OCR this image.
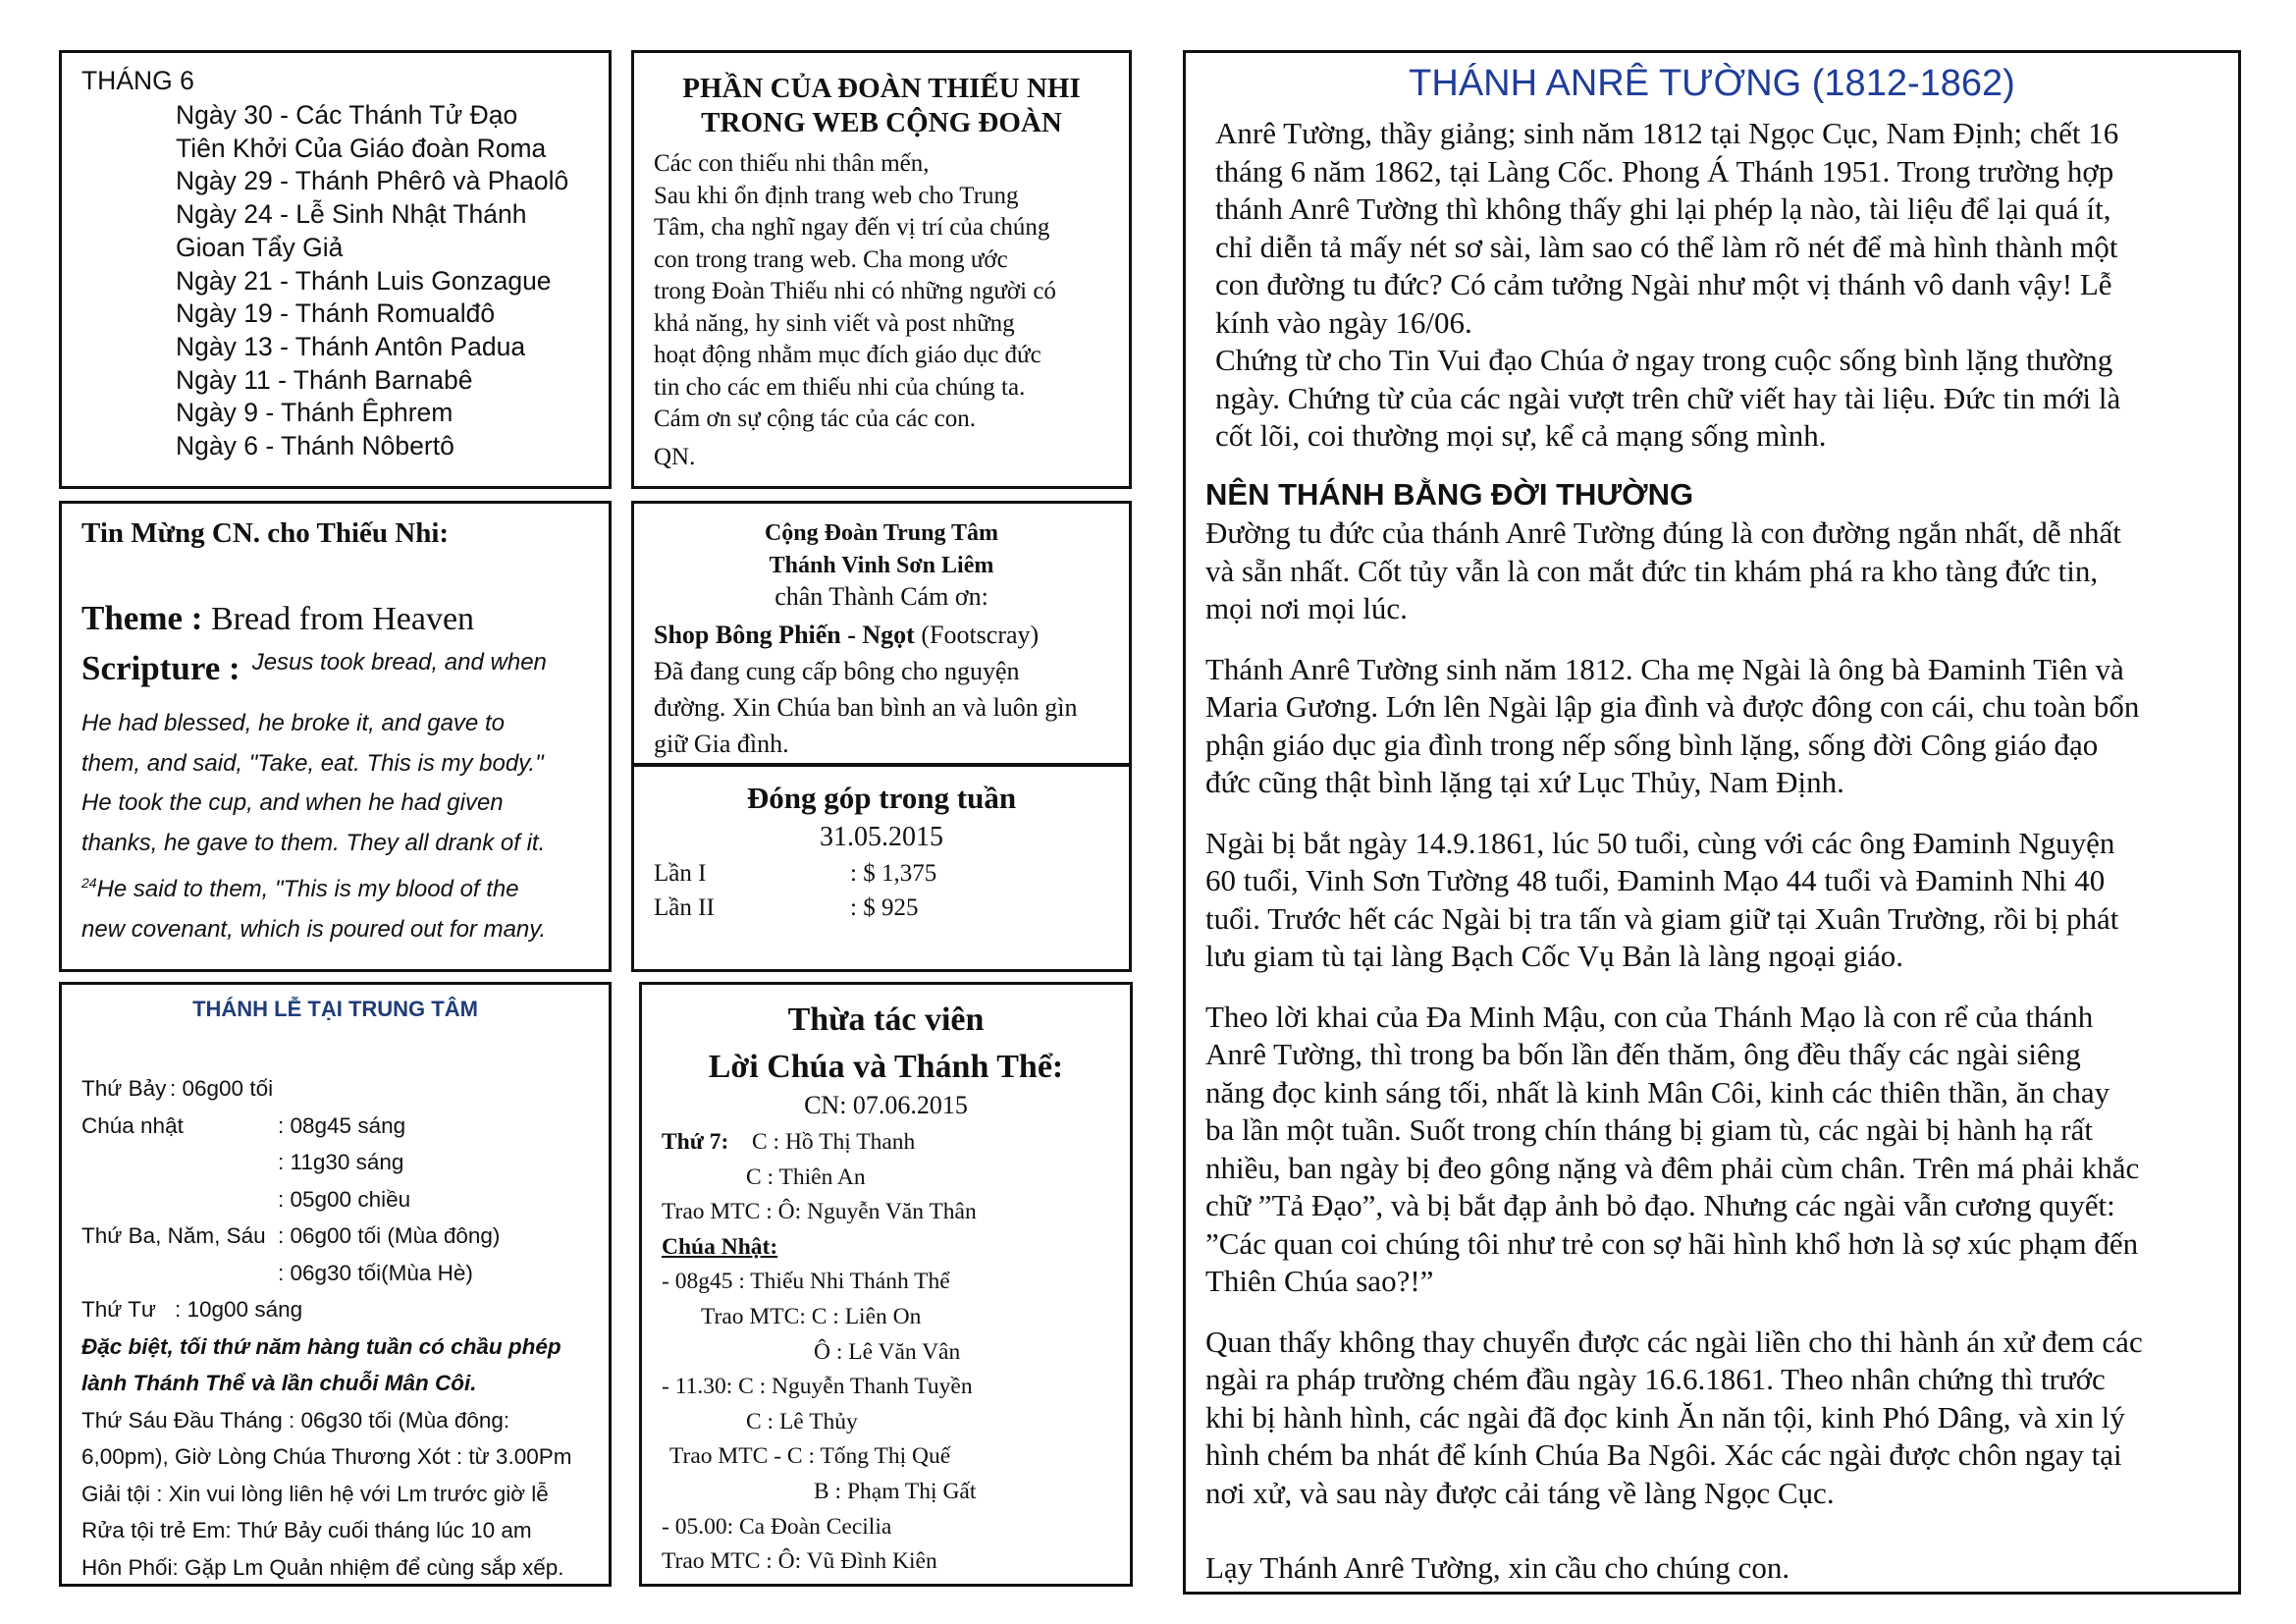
THÁNG 6
Ngày 30 - Các Thánh Tử Đạo
Tiên Khởi Của Giáo đoàn Roma
Ngày 29 - Thánh Phêrô và Phaolô
Ngày 24 - Lễ Sinh Nhật Thánh
Gioan Tẩy Giả
Ngày 21 - Thánh Luis Gonzague
Ngày 19 - Thánh Romualđô
Ngày 13 - Thánh Antôn Padua
Ngày 11 - Thánh Barnabê
Ngày 9 - Thánh Êphrem
Ngày 6 - Thánh Nôbertô
PHẦN CỦA ĐOÀN THIẾU NHI
TRONG WEB CỘNG ĐOÀN
Các con thiếu nhi thân mến,
Sau khi ổn định trang web cho Trung
Tâm, cha nghĩ ngay đến vị trí của chúng
con trong trang web. Cha mong ước
trong Đoàn Thiếu nhi có những người có
khả năng, hy sinh viết và post những
hoạt động nhằm mục đích giáo dục đức
tin cho các em thiếu nhi của chúng ta.
Cám ơn sự cộng tác của các con.
QN.
Tin Mừng CN. cho Thiếu Nhi:
Theme : Bread from Heaven
Scripture : Jesus took bread, and when
He had blessed, he broke it, and gave to
them, and said, "Take, eat. This is my body."
He took the cup, and when he had given
thanks, he gave to them. They all drank of it.
$^{24}$He said to them, "This is my blood of the
new covenant, which is poured out for many.
Cộng Đoàn Trung Tâm
Thánh Vinh Sơn Liêm
chân Thành Cám ơn:
Shop Bông Phiến - Ngọt (Footscray)
Đã đang cung cấp bông cho nguyện
đường. Xin Chúa ban bình an và luôn gìn
giữ Gia đình.
Đóng góp trong tuần
31.05.2015
Lần I	: $ 1,375
Lần II	: $ 925
THÁNH LỄ TẠI TRUNG TÂM
Thứ Bảy : 06g00 tối
Chúa nhật	: 08g45 sáng
: 11g30 sáng
: 05g00 chiều
Thứ Ba, Năm, Sáu : 06g00 tối (Mùa đông)
: 06g30 tối(Mùa Hè)
Thứ Tư : 10g00 sáng
Đặc biệt, tối thứ năm hàng tuần có chầu phép
lành Thánh Thể và lần chuỗi Mân Côi.
Thứ Sáu Đầu Tháng : 06g30 tối (Mùa đông:
6,00pm), Giờ Lòng Chúa Thương Xót : từ 3.00Pm
Giải tội : Xin vui lòng liên hệ với Lm trước giờ lễ
Rửa tội trẻ Em: Thứ Bảy cuối tháng lúc 10 am
Hôn Phối: Gặp Lm Quản nhiệm để cùng sắp xếp.
Thừa tác viên
Lời Chúa và Thánh Thể:
CN: 07.06.2015
Thứ 7: C : Hồ Thị Thanh
C : Thiên An
Trao MTC : Ô: Nguyễn Văn Thân
Chúa Nhật:
- 08g45 : Thiếu Nhi Thánh Thể
Trao MTC: C : Liên On
Ô : Lê Văn Vân
- 11.30: C : Nguyễn Thanh Tuyền
C : Lê Thủy
Trao MTC - C : Tống Thị Quế
B : Phạm Thị Gất
- 05.00: Ca Đoàn Cecilia
Trao MTC : Ô: Vũ Đình Kiên
THÁNH ANRÊ TƯỜNG (1812-1862)
Anrê Tường, thầy giảng; sinh năm 1812 tại Ngọc Cục, Nam Định; chết 16
tháng 6 năm 1862, tại Làng Cốc. Phong Á Thánh 1951. Trong trường hợp
thánh Anrê Tường thì không thấy ghi lại phép lạ nào, tài liệu để lại quá ít,
chỉ diễn tả mấy nét sơ sài, làm sao có thể làm rõ nét để mà hình thành một
con đường tu đức? Có cảm tưởng Ngài như một vị thánh vô danh vậy! Lễ
kính vào ngày 16/06.
Chứng từ cho Tin Vui đạo Chúa ở ngay trong cuộc sống bình lặng thường
ngày. Chứng từ của các ngài vượt trên chữ viết hay tài liệu. Đức tin mới là
cốt lõi, coi thường mọi sự, kể cả mạng sống mình.
NÊN THÁNH BẰNG ĐỜI THƯỜNG
Đường tu đức của thánh Anrê Tường đúng là con đường ngắn nhất, dễ nhất
và sẵn nhất. Cốt tủy vẫn là con mắt đức tin khám phá ra kho tàng đức tin,
mọi nơi mọi lúc.
Thánh Anrê Tường sinh năm 1812. Cha mẹ Ngài là ông bà Đaminh Tiên và
Maria Gương. Lớn lên Ngài lập gia đình và được đông con cái, chu toàn bổn
phận giáo dục gia đình trong nếp sống bình lặng, sống đời Công giáo đạo
đức cũng thật bình lặng tại xứ Lục Thủy, Nam Định.
Ngài bị bắt ngày 14.9.1861, lúc 50 tuổi, cùng với các ông Đaminh Nguyện
60 tuổi, Vinh Sơn Tường 48 tuổi, Đaminh Mạo 44 tuổi và Đaminh Nhi 40
tuổi. Trước hết các Ngài bị tra tấn và giam giữ tại Xuân Trường, rồi bị phát
lưu giam tù tại làng Bạch Cốc Vụ Bản là làng ngoại giáo.
Theo lời khai của Đa Minh Mậu, con của Thánh Mạo là con rể của thánh
Anrê Tường, thì trong ba bốn lần đến thăm, ông đều thấy các ngài siêng
năng đọc kinh sáng tối, nhất là kinh Mân Côi, kinh các thiên thần, ăn chay
ba lần một tuần. Suốt trong chín tháng bị giam tù, các ngài bị hành hạ rất
nhiều, ban ngày bị đeo gông nặng và đêm phải cùm chân. Trên má phải khắc
chữ ”Tả Đạo”, và bị bắt đạp ảnh bỏ đạo. Nhưng các ngài vẫn cương quyết:
”Các quan coi chúng tôi như trẻ con sợ hãi hình khổ hơn là sợ xúc phạm đến
Thiên Chúa sao?!”
Quan thấy không thay chuyển được các ngài liền cho thi hành án xử đem các
ngài ra pháp trường chém đầu ngày 16.6.1861. Theo nhân chứng thì trước
khi bị hành hình, các ngài đã đọc kinh Ăn năn tội, kinh Phó Dâng, và xin lý
hình chém ba nhát để kính Chúa Ba Ngôi. Xác các ngài được chôn ngay tại
nơi xử, và sau này được cải táng về làng Ngọc Cục.
Lạy Thánh Anrê Tường, xin cầu cho chúng con.
